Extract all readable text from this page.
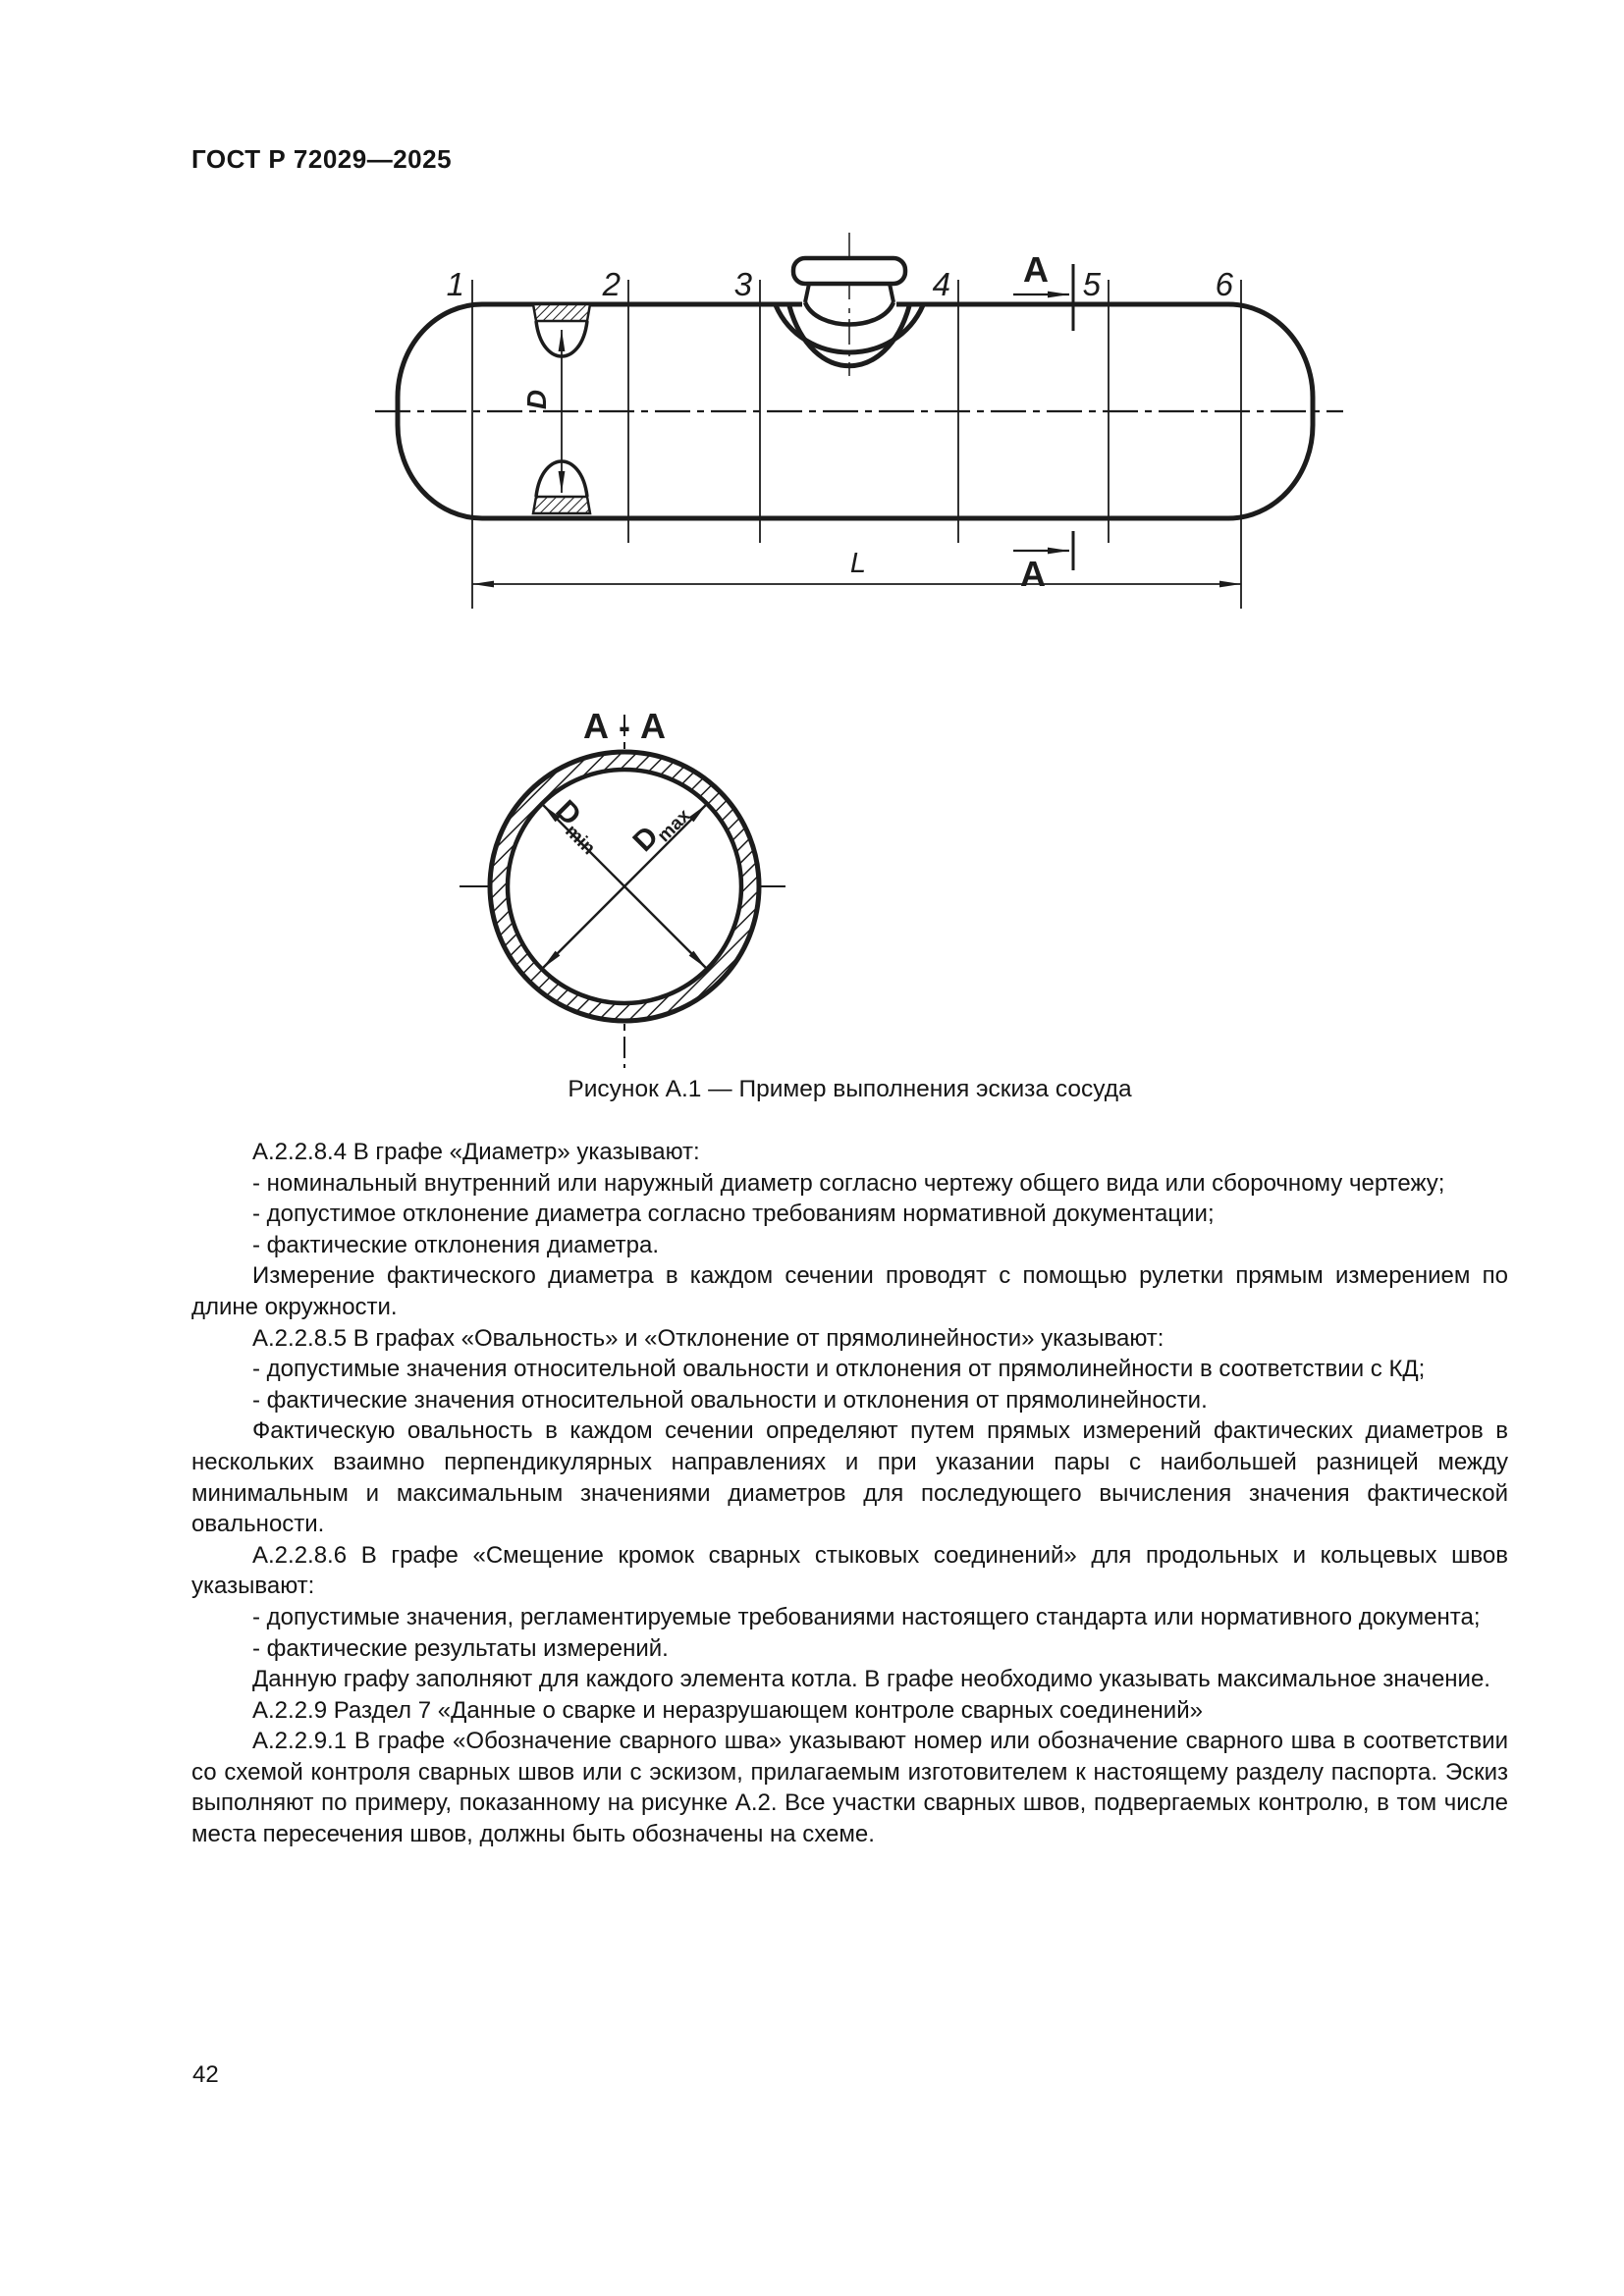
ГОСТ Р 72029—2025
D
L
А
А
1	2	3	4	5	6
А - А
$D_{min}$ $D_{max}$
Рисунок А.1 — Пример выполнения эскиза сосуда

А.2.2.8.4 В графе «Диаметр» указывают:

- номинальный внутренний или наружный диаметр согласно чертежу общего вида или сборочному чертежу;

- допустимое отклонение диаметра согласно требованиям нормативной документации;

- фактические отклонения диаметра.

Измерение фактического диаметра в каждом сечении проводят с помощью рулетки прямым измерением по длине окружности.

А.2.2.8.5 В графах «Овальность» и «Отклонение от прямолинейности» указывают:

- допустимые значения относительной овальности и отклонения от прямолинейности в соответствии с КД;

- фактические значения относительной овальности и отклонения от прямолинейности.

Фактическую овальность в каждом сечении определяют путем прямых измерений фактических диаметров в нескольких взаимно перпендикулярных направлениях и при указании пары с наибольшей разницей между минимальным и максимальным значениями диаметров для последующего вычисления значения фактической овальности.

А.2.2.8.6 В графе «Смещение кромок сварных стыковых соединений» для продольных и кольцевых швов указывают:

- допустимые значения, регламентируемые требованиями настоящего стандарта или нормативного документа;

- фактические результаты измерений.

Данную графу заполняют для каждого элемента котла. В графе необходимо указывать максимальное значение.

А.2.2.9 Раздел 7 «Данные о сварке и неразрушающем контроле сварных соединений»

А.2.2.9.1 В графе «Обозначение сварного шва» указывают номер или обозначение сварного шва в соответствии со схемой контроля сварных швов или с эскизом, прилагаемым изготовителем к настоящему разделу паспорта. Эскиз выполняют по примеру, показанному на рисунке А.2. Все участки сварных швов, подвергаемых контролю, в том числе места пересечения швов, должны быть обозначены на схеме.

42
